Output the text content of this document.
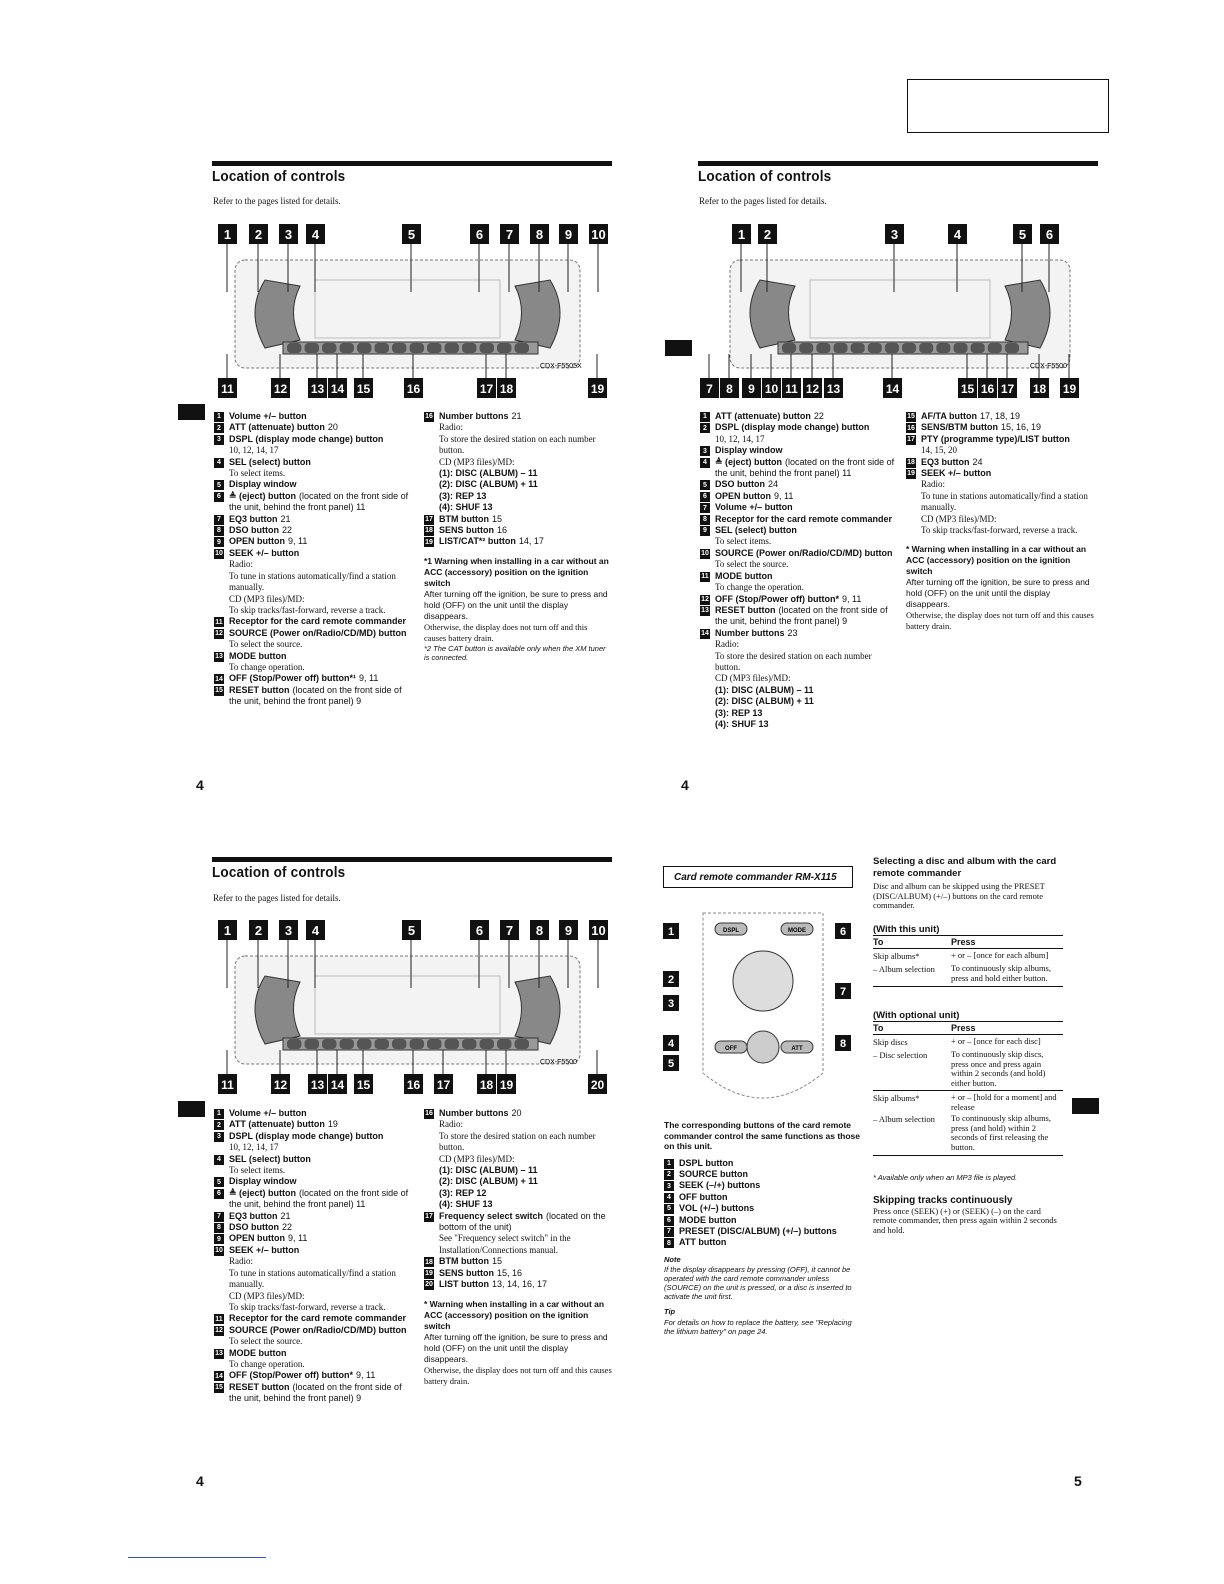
Location of controls
Refer to the pages listed for details.
CDX-F5505X
1 2 3 4	5	6 7 8 9 10
11	12 13 14 15	16	17 18	19
1 Volume +/– button
2 ATT (attenuate) button 20
3 DSPL (display mode change) button
10, 12, 14, 17
4 SEL (select) button
To select items.
5 Display window
6 ≜ (eject) button (located on the front side of the unit, behind the front panel) 11
7 EQ3 button 21
8 DSO button 22
9 OPEN button 9, 11
10 SEEK +/– button
Radio:
To tune in stations automatically/find a station manually.
CD (MP3 files)/MD:
To skip tracks/fast-forward, reverse a track.
11 Receptor for the card remote commander
12 SOURCE (Power on/Radio/CD/MD) button
To select the source.
13 MODE button
To change operation.
14 OFF (Stop/Power off) button*¹ 9, 11
15 RESET button (located on the front side of the unit, behind the front panel) 9
16 Number buttons 21
Radio:
To store the desired station on each number button.
CD (MP3 files)/MD:
(1): DISC (ALBUM) – 11
(2): DISC (ALBUM) + 11
(3): REP 13
(4): SHUF 13
17 BTM button 15
18 SENS button 16
19 LIST/CAT*² button 14, 17
*1 Warning when installing in a car without an ACC (accessory) position on the ignition switch
After turning off the ignition, be sure to press and hold (OFF) on the unit until the display disappears.
Otherwise, the display does not turn off and this causes battery drain.
*2 The CAT button is available only when the XM tuner is connected.
4
Location of controls
Refer to the pages listed for details.
CDX-F5500
1 2	3	4	5 6
7 8 9 10 11 12 13	14	15 16 17 18 19
1 ATT (attenuate) button 22
2 DSPL (display mode change) button
10, 12, 14, 17
3 Display window
4 ≜ (eject) button (located on the front side of the unit, behind the front panel) 11
5 DSO button 24
6 OPEN button 9, 11
7 Volume +/– button
8 Receptor for the card remote commander
9 SEL (select) button
To select items.
10 SOURCE (Power on/Radio/CD/MD) button
To select the source.
11 MODE button
To change the operation.
12 OFF (Stop/Power off) button* 9, 11
13 RESET button (located on the front side of the unit, behind the front panel) 9
14 Number buttons 23
Radio:
To store the desired station on each number button.
CD (MP3 files)/MD:
(1): DISC (ALBUM) – 11
(2): DISC (ALBUM) + 11
(3): REP 13
(4): SHUF 13
15 AF/TA button 17, 18, 19
16 SENS/BTM button 15, 16, 19
17 PTY (programme type)/LIST button
14, 15, 20
18 EQ3 button 24
19 SEEK +/– button
Radio:
To tune in stations automatically/find a station manually.
CD (MP3 files)/MD:
To skip tracks/fast-forward, reverse a track.
* Warning when installing in a car without an ACC (accessory) position on the ignition switch
After turning off the ignition, be sure to press and hold (OFF) on the unit until the display disappears.
Otherwise, the display does not turn off and this causes battery drain.
4
Location of controls
Refer to the pages listed for details.
CDX-F5500
1 2 3 4	5	6 7 8 9 10
11	12 13 14 15	16 17 18 19	20
1 Volume +/– button
2 ATT (attenuate) button 19
3 DSPL (display mode change) button
10, 12, 14, 17
4 SEL (select) button
To select items.
5 Display window
6 ≜ (eject) button (located on the front side of the unit, behind the front panel) 11
7 EQ3 button 21
8 DSO button 22
9 OPEN button 9, 11
10 SEEK +/– button
Radio:
To tune in stations automatically/find a station manually.
CD (MP3 files)/MD:
To skip tracks/fast-forward, reverse a track.
11 Receptor for the card remote commander
12 SOURCE (Power on/Radio/CD/MD) button
To select the source.
13 MODE button
To change operation.
14 OFF (Stop/Power off) button* 9, 11
15 RESET button (located on the front side of the unit, behind the front panel) 9
16 Number buttons 20
Radio:
To store the desired station on each number button.
CD (MP3 files)/MD:
(1): DISC (ALBUM) – 11
(2): DISC (ALBUM) + 11
(3): REP 12
(4): SHUF 13
17 Frequency select switch (located on the bottom of the unit)
See "Frequency select switch" in the Installation/Connections manual.
18 BTM button 15
19 SENS button 15, 16
20 LIST button 13, 14, 16, 17
* Warning when installing in a car without an ACC (accessory) position on the ignition switch
After turning off the ignition, be sure to press and hold (OFF) on the unit until the display disappears.
Otherwise, the display does not turn off and this causes battery drain.
4
Card remote commander RM-X115
DSPL	MODE
OFF	ATT
1
2
3
4
5
6
7
8
The corresponding buttons of the card remote commander control the same functions as those on this unit.
1 DSPL button
2 SOURCE button
3 SEEK (–/+) buttons
4 OFF button
5 VOL (+/–) buttons
6 MODE button
7 PRESET (DISC/ALBUM) (+/–) buttons
8 ATT button
Note
If the display disappears by pressing (OFF), it cannot be operated with the card remote commander unless (SOURCE) on the unit is pressed, or a disc is inserted to activate the unit first.
Tip
For details on how to replace the battery, see "Replacing the lithium battery" on page 24.
Selecting a disc and album with the card remote commander
Disc and album can be skipped using the PRESET (DISC/ALBUM) (+/–) buttons on the card remote commander.
(With this unit)
To	Press
Skip albums*	+ or – [once for each album]
– Album selection	To continuously skip albums, press and hold either button.
(With optional unit)
To	Press
Skip discs	+ or – [once for each disc]
– Disc selection	To continuously skip discs, press once and press again within 2 seconds (and hold) either button.
Skip albums*	+ or – [hold for a moment] and release
– Album selection	To continuously skip albums, press (and hold) within 2 seconds of first releasing the button.
* Available only when an MP3 file is played.
Skipping tracks continuously
Press once (SEEK) (+) or (SEEK) (–) on the card remote commander, then press again within 2 seconds and hold.
5
